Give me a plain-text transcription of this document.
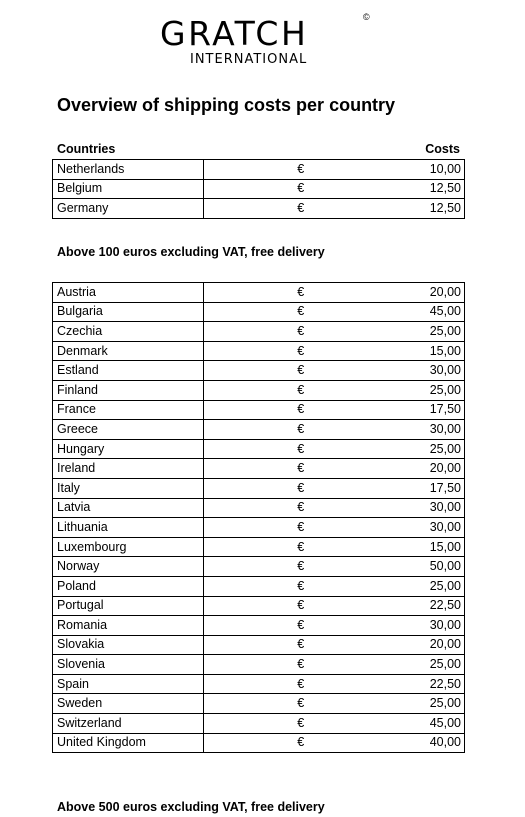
GRATCH	©
INTERNATIONAL
Overview of shipping costs per country
Countries	Costs
Netherlands	€	10,00
Belgium	€	12,50
Germany	€	12,50
Above 100 euros excluding VAT, free delivery
Austria	€	20,00
Bulgaria	€	45,00
Czechia	€	25,00
Denmark	€	15,00
Estland	€	30,00
Finland	€	25,00
France	€	17,50
Greece	€	30,00
Hungary	€	25,00
Ireland	€	20,00
Italy	€	17,50
Latvia	€	30,00
Lithuania	€	30,00
Luxembourg	€	15,00
Norway	€	50,00
Poland	€	25,00
Portugal	€	22,50
Romania	€	30,00
Slovakia	€	20,00
Slovenia	€	25,00
Spain	€	22,50
Sweden	€	25,00
Switzerland	€	45,00
United Kingdom	€	40,00
Above 500 euros excluding VAT, free delivery
